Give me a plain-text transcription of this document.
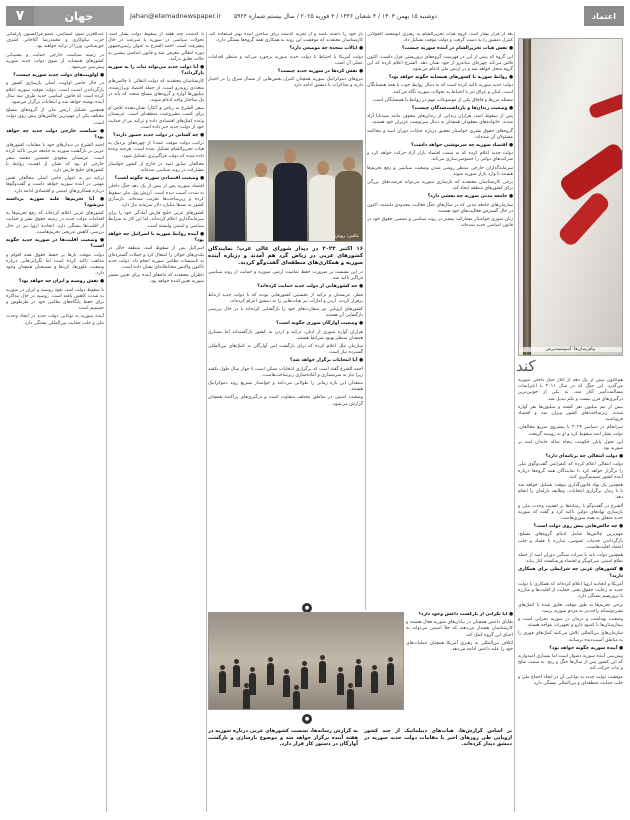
۷	جهان	Jahan@etemadnewspaper.ir	دوشنبه ۱۵ بهمن ۱۴۰۳ / ۴ شعبان ۱۴۴۶ / ۳ فوریه ۲۰۲۵ / سال بیستم شماره ۵۹۲۳	اعتماد

عبدالعزیز تمیم، لیسانس، عضو فراکسیون پارلمانی حزب نیکوکاری و محمدرضا آغاجانی اشرف حق‌شناس، ورزا از ترکیه خواهند بود.

در زمینه سیاست خارجی حمایت و پشتیبانی کشورهای همسایه از سوی دولت جدید سوریه پیش‌بینی می‌شود.

● اولویت‌های دولت جدید سوریه چیست؟

در حال حاضر اولویت اصلی بازسازی کشور و بازگرداندن امنیت است. دولت موقت سوریه اعلام کرده است که قانون اساسی جدید ظرف سه سال آینده نوشته خواهد شد و انتخابات برگزار می‌شود.

همچنین تشکیل ارتش ملی از گروه‌های مسلح مختلف یکی از مهم‌ترین چالش‌های پیش روی دولت است.

● سیاست خارجی دولت جدید چه خواهد بود؟

احمد الشرع در دیدارهای خود با مقامات کشورهای عربی بر بازگشت سوریه به جامعه عربی تاکید کرده است. عربستان سعودی نخستین مقصد سفر خارجی او بود که نشان از اهمیت روابط با کشورهای خلیج فارس دارد.

ترکیه نیز به عنوان حامی اصلی مخالفان نقش مهمی در آینده سوریه خواهد داشت و گفت‌وگوها درباره همکاری‌های امنیتی و اقتصادی ادامه دارد.

● آیا تحریم‌ها علیه سوریه برداشته می‌شود؟

کشورهای غربی اعلام کرده‌اند که رفع تحریم‌ها به اقدامات دولت جدید در زمینه حقوق بشر و حمایت از اقلیت‌ها بستگی دارد. اتحادیه اروپا نیز در حال بررسی کاهش تدریجی تحریم‌هاست.

● وضعیت اقلیت‌ها در سوریه جدید چگونه است؟

دولت موقت بارها بر حفظ حقوق همه اقوام و مذاهب تاکید کرده است اما نگرانی‌هایی درباره وضعیت علوی‌ها، کردها و مسیحیان همچنان وجود دارد.

● نقش روسیه و ایران چه خواهد بود؟

با سقوط دولت اسد، نفوذ روسیه و ایران در سوریه به شدت کاهش یافته است. روسیه در حال مذاکره برای حفظ پایگاه‌های نظامی خود در طرطوس و حمیمیم است.

آینده سوریه به توانایی دولت جدید در ایجاد وحدت ملی و جلب حمایت بین‌المللی بستگی دارد.

با گذشت چند هفته از سقوط دولت بشار اسد، تحولات سیاسی در سوریه با سرعت در حال پیشرفت است. احمد الشرع به عنوان رئیس‌جمهور دوره انتقالی معرفی شد و قانون اساسی پیشین به حالت تعلیق درآمد.

● آیا دولت جدید می‌تواند ثبات را به سوریه بازگرداند؟

کارشناسان معتقدند که دولت انتقالی با چالش‌های متعددی روبه‌رو است، از جمله اقتصاد ویران‌شده، میلیون‌ها آواره و گروه‌های مسلح متعدد که باید در یک ساختار واحد ادغام شوند.

سفر الشرع به ریاض و آنکارا نشان‌دهنده تلاش او برای کسب مشروعیت منطقه‌ای است. عربستان وعده کمک‌های اقتصادی داده و ترکیه نیز از حمایت خود از دولت جدید خبر داده است.

● چه کسانی در دولت جدید حضور دارند؟

ترکیب دولت موقت عمدتا از چهره‌های نزدیک به هیات تحریرالشام تشکیل شده است، هرچند وعده داده شده که دولت فراگیرتری تشکیل شود.

مخالفان سابق اسد در خارج از کشور خواستار مشارکت در روند سیاسی شده‌اند.

● وضعیت اقتصادی سوریه چگونه است؟

اقتصاد سوریه پس از بیش از یک دهه جنگ داخلی به شدت آسیب دیده است. ارزش پول ملی سقوط کرده و زیرساخت‌ها تخریب شده‌اند. بازسازی کشور به صدها میلیارد دلار سرمایه نیاز دارد.

کشورهای عربی خلیج فارس آمادگی خود را برای سرمایه‌گذاری اعلام کرده‌اند، اما این کار به شرایط سیاسی و امنیتی وابسته است.

● آینده روابط سوریه با اسرائیل چه خواهد بود؟

اسرائیل پس از سقوط اسد، منطقه حائل در بلندی‌های جولان را اشغال کرد و حملات گسترده‌ای به تاسیسات نظامی سوریه انجام داد. دولت جدید تاکنون واکنش محتاطانه‌ای نشان داده است.

ناظران معتقدند که ماه‌های آینده برای تعیین مسیر سوریه تعیین‌کننده خواهد بود.

باز خود را داشته باشد و از تجربه گذشته برای ساختن آینده بهتر استفاده کند. کارشناسان معتقدند که موفقیت این روند به همکاری همه گروه‌ها بستگی دارد.

● ایالات متحده چه موضعی دارد؟

دولت آمریکا با احتیاط با دولت جدید سوریه برخورد می‌کند و منتظر اقدامات عملی آن است.

● نقش کردها در سوریه جدید چیست؟

نیروهای دموکراتیک سوریه همچنان کنترل بخش‌هایی از شمال شرق را در اختیار دارند و مذاکرات با دمشق ادامه دارد.

عکس: رویترز

۱۶ اکتبر ۲۰۲۴ در دیدار شورای عالی عرب؛ نمایندگان کشورهای عربی در ریاض گرد هم آمدند و درباره آینده سوریه و همکاری‌های منطقه‌ای گفت‌وگو کردند.

در این نشست بر ضرورت حفظ تمامیت ارضی سوریه و حمایت از روند سیاسی فراگیر تاکید شد.

● چه کشورهایی از دولت جدید حمایت کرده‌اند؟

قطر، عربستان و ترکیه از نخستین کشورهایی بودند که با دولت جدید ارتباط برقرار کردند. اردن و امارات نیز هیات‌هایی را به دمشق اعزام کرده‌اند.

کشورهای اروپایی نیز سفارت‌های خود را بازگشایی کرده‌اند یا در حال بررسی بازگشایی آن هستند.

● وضعیت آوارگان سوری چگونه است؟

هزاران آواره سوری از لبنان، ترکیه و اردن به کشور بازگشته‌اند اما بسیاری همچنان منتظر بهبود شرایط هستند.

سازمان ملل اعلام کرده که برای بازگشت امن آوارگان به کمک‌های بین‌المللی گسترده نیاز است.

● آیا انتخابات برگزار خواهد شد؟

احمد الشرع گفته است که برگزاری انتخابات ممکن است تا چهار سال طول بکشد زیرا نیاز به سرشماری و آماده‌سازی زیرساخت‌هاست.

منتقدان این بازه زمانی را طولانی می‌دانند و خواستار تسریع روند دموکراتیک هستند.

وضعیت امنیتی در مناطق مختلف متفاوت است و درگیری‌های پراکنده همچنان گزارش می‌شود.

بعد از فرار بشار اسد، گروه هیات تحریرالشام به رهبری ابومحمد الجولانی کنترل دمشق را به دست گرفت و دولت موقت تشکیل داد.

● نقش هیات تحریرالشام در آینده سوریه چیست؟

این گروه که پیش از این در فهرست گروه‌های تروریستی قرار داشت، اکنون تلاش می‌کند چهره‌ای میانه‌رو از خود نشان دهد. الشرع اعلام کرده که این گروه منحل خواهد شد و در ارتش ملی ادغام می‌شود.

● روابط سوریه با کشورهای همسایه چگونه خواهد بود؟

دولت جدید سوریه تاکید کرده است که به دنبال روابط خوب با همه همسایگان است. لبنان و عراق نیز با احتیاط به تحولات سوریه نگاه می‌کنند.

مسئله مرزها و قاچاق یکی از موضوعات مهم در روابط با همسایگان است.

● وضعیت زندان‌ها و بازداشت‌شدگان چیست؟

پس از سقوط اسد، هزاران زندانی از زندان‌های مخوف مانند صیدنایا آزاد شدند. خانواده‌های مفقودان همچنان به دنبال سرنوشت عزیزان خود هستند.

گروه‌های حقوق بشری خواستار تحقیق درباره جنایات دوران اسد و محاکمه مسئولان آن شده‌اند.

● اقتصاد سوریه چه سرنوشتی خواهد داشت؟

دولت جدید اعلام کرده که به سمت اقتصاد بازار آزاد حرکت خواهد کرد و شرکت‌های دولتی را خصوصی‌سازی می‌کند.

سرمایه‌گذاران خارجی منتظر روشن شدن وضعیت سیاسی و رفع تحریم‌ها هستند تا وارد بازار سوریه شوند.

برخی کارشناسان معتقدند که بازسازی سوریه می‌تواند فرصت‌های بزرگی برای کشورهای منطقه ایجاد کند.

● جامعه مدنی سوریه چه نقشی دارد؟

سازمان‌های جامعه مدنی که در سال‌های جنگ فعالیت محدودی داشتند، اکنون در حال گسترش فعالیت‌های خود هستند.

زنان سوری خواستار مشارکت بیشتر در روند سیاسی و تضمین حقوق خود در قانون اساسی جدید شده‌اند.

●

● آیا نگرانی از بازگشت داعش وجود دارد؟

بقایای داعش همچنان در بیابان‌های سوریه فعال هستند و کارشناسان هشدار می‌دهند که خلأ امنیتی می‌تواند به احیای این گروه کمک کند.

ائتلاف بین‌المللی به رهبری آمریکا همچنان عملیات‌های خود را علیه داعش ادامه می‌دهد.

●
به گزارش رسانه‌ها، نشست کشورهای عربی درباره سوریه در هفته آینده برگزار خواهد شد و موضوع بازسازی و بازگشت آوارگان در دستور کار قرار دارد.
بر اساس گزارش‌ها، هیات‌های دیپلماتیک از چند کشور اروپایی طی روزهای اخیر با مقامات دولت جدید سوریه در دمشق دیدار کرده‌اند.
پیام‌رسان‌ها: آسوشیتدپرس
کند

هم‌اکنون بیش از یک دهه از آغاز جنگ داخلی سوریه می‌گذرد. این جنگ که در سال ۲۰۱۱ با اعتراضات مسالمت‌آمیز آغاز شد، به یکی از خونین‌ترین درگیری‌های قرن بیست و یکم تبدیل شد.

بیش از نیم میلیون نفر کشته و میلیون‌ها نفر آواره شدند. زیرساخت‌های کشور ویران شد و اقتصاد فروپاشید.

سرانجام در دسامبر ۲۰۲۴ با پیشروی سریع مخالفان، دولت بشار اسد سقوط کرد و او به روسیه گریخت.

این تحول پایان حکومت پنجاه ساله خاندان اسد بر سوریه بود.

● دولت انتقالی چه برنامه‌ای دارد؟

دولت انتقالی اعلام کرده که کنفرانس گفت‌وگوی ملی را برگزار خواهد کرد تا نمایندگان همه گروه‌ها درباره آینده کشور تصمیم‌گیری کنند.

همچنین یک نهاد قانون‌گذاری موقت تشکیل خواهد شد تا تا زمان برگزاری انتخابات، وظایف پارلمان را انجام دهد.

الشرع در گفت‌وگو با رسانه‌ها بر اهمیت وحدت ملی و بازسازی نهادهای دولتی تاکید کرد و گفت که سوریه جدید متعلق به همه سوری‌هاست.

● چه چالش‌هایی پیش روی دولت است؟

مهم‌ترین چالش‌ها شامل ادغام گروه‌های مسلح، بازگرداندن خدمات عمومی، مبارزه با فساد و جلب اعتماد اقلیت‌هاست.

همچنین دولت باید با میراث سنگین دوران اسد از جمله نظام امنیتی سرکوبگر و اقتصاد ورشکسته کنار بیاید.

● کشورهای غربی چه شرایطی برای همکاری دارند؟

آمریکا و اتحادیه اروپا اعلام کرده‌اند که همکاری با دولت جدید به رعایت حقوق بشر، حمایت از اقلیت‌ها و مبارزه با تروریسم بستگی دارد.

برخی تحریم‌ها به طور موقت تعلیق شده تا کمک‌های بشردوستانه راحت‌تر به مردم سوریه برسد.

وضعیت بهداشت و درمان در سوریه بحرانی است و بیمارستان‌ها با کمبود دارو و تجهیزات مواجه هستند.

سازمان‌های بین‌المللی تلاش می‌کنند کمک‌های فوری را به مناطق آسیب‌دیده برسانند.

● آینده سوریه چگونه خواهد بود؟

پیش‌بینی آینده سوریه دشوار است اما بسیاری امیدوارند که این کشور پس از سال‌ها جنگ و رنج، به سمت صلح و ثبات حرکت کند.

موفقیت دولت جدید به توانایی آن در ایجاد اجماع ملی و جلب حمایت منطقه‌ای و بین‌المللی بستگی دارد.
